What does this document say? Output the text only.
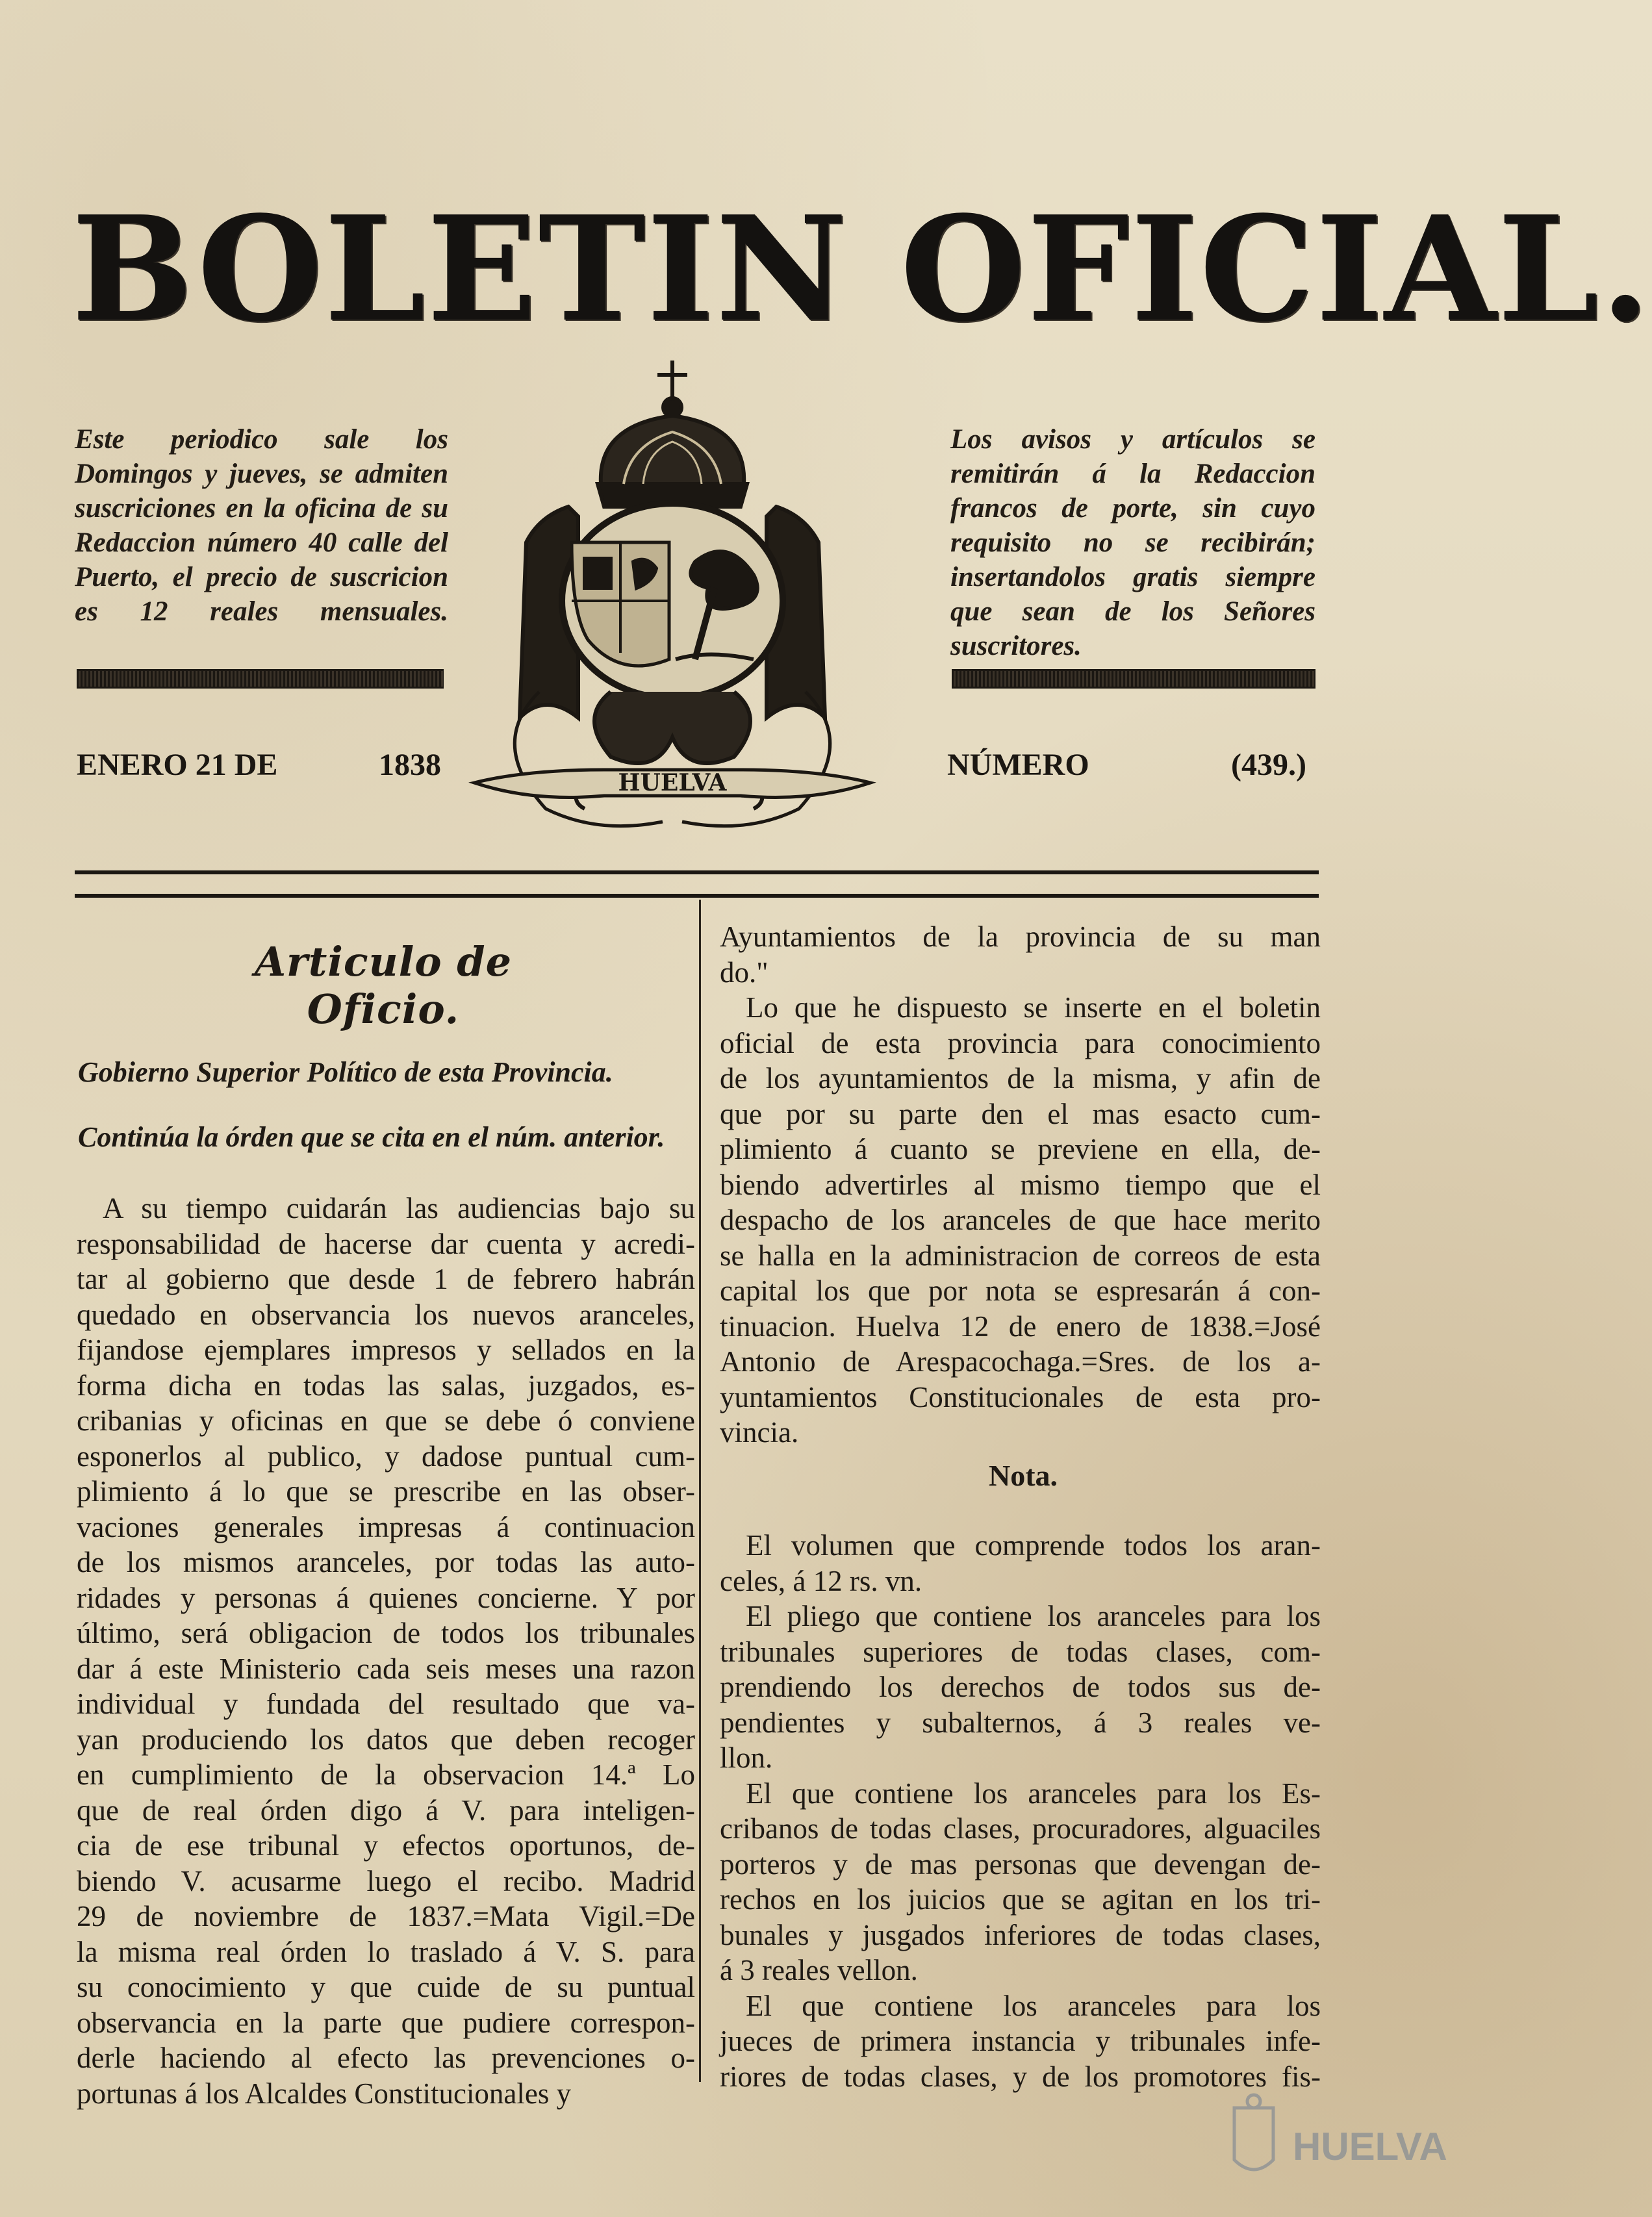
BOLETIN OFICIAL.
Este periodico sale los Domingos y jueves, se admiten suscriciones en la oficina de su Redaccion número 40 calle del Puerto, el precio de suscricion es 12 reales mensuales.
Los avisos y artículos se remitirán á la Redaccion francos de porte, sin cuyo requisito no se recibirán; insertandolos gratis siempre que sean de los Señores suscritores.
HUELVA
ENERO 21 DE	1838	NÚMERO	(439.)
Articulo de Oficio.
Gobierno Superior Político de esta Provincia.
Continúa la órden que se cita en el núm. anterior.
A su tiempo cuidarán las audiencias bajo su
responsabilidad de hacerse dar cuenta y acredi-
tar al gobierno que desde 1 de febrero habrán
quedado en observancia los nuevos aranceles,
fijandose ejemplares impresos y sellados en la
forma dicha en todas las salas, juzgados, es-
cribanias y oficinas en que se debe ó conviene
esponerlos al publico, y dadose puntual cum-
plimiento á lo que se prescribe en las obser-
vaciones generales impresas á continuacion
de los mismos aranceles, por todas las auto-
ridades y personas á quienes concierne. Y por
último, será obligacion de todos los tribunales
dar á este Ministerio cada seis meses una razon
individual y fundada del resultado que va-
yan produciendo los datos que deben recoger
en cumplimiento de la observacion 14.ª Lo
que de real órden digo á V. para inteligen-
cia de ese tribunal y efectos oportunos, de-
biendo V. acusarme luego el recibo. Madrid
29 de noviembre de 1837.=Mata Vigil.=De
la misma real órden lo traslado á V. S. para
su conocimiento y que cuide de su puntual
observancia en la parte que pudiere correspon-
derle haciendo al efecto las prevenciones o-
portunas á los Alcaldes Constitucionales y
Ayuntamientos de la provincia de su man
do."
Lo que he dispuesto se inserte en el boletin
oficial de esta provincia para conocimiento
de los ayuntamientos de la misma, y afin de
que por su parte den el mas esacto cum-
plimiento á cuanto se previene en ella, de-
biendo advertirles al mismo tiempo que el
despacho de los aranceles de que hace merito
se halla en la administracion de correos de esta
capital los que por nota se espresarán á con-
tinuacion. Huelva 12 de enero de 1838.=José
Antonio de Arespacochaga.=Sres. de los a-
yuntamientos Constitucionales de esta pro-
vincia.
Nota.
El volumen que comprende todos los aran-
celes, á 12 rs. vn.
El pliego que contiene los aranceles para los
tribunales superiores de todas clases, com-
prendiendo los derechos de todos sus de-
pendientes y subalternos, á 3 reales ve-
llon.
El que contiene los aranceles para los Es-
cribanos de todas clases, procuradores, alguaciles
porteros y de mas personas que devengan de-
rechos en los juicios que se agitan en los tri-
bunales y jusgados inferiores de todas clases,
á 3 reales vellon.
El que contiene los aranceles para los
jueces de primera instancia y tribunales infe-
riores de todas clases, y de los promotores fis-
HUELVA
